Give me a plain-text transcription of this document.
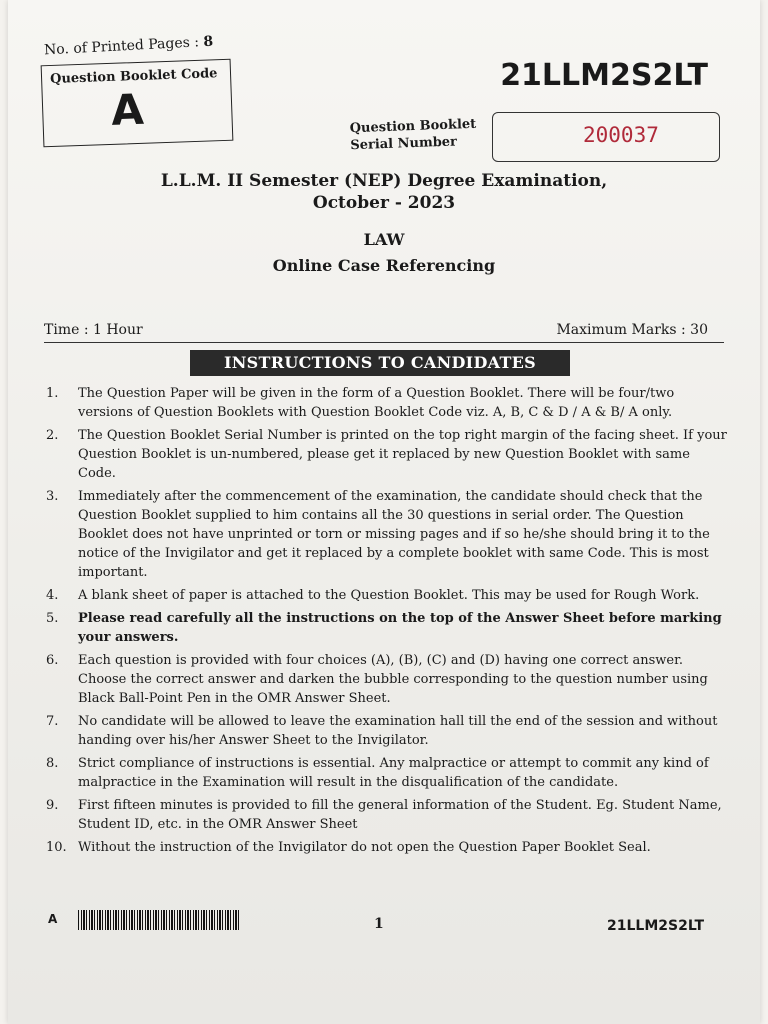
No. of Printed Pages : 8
Question Booklet Code
A
21LLM2S2LT
Question Booklet
Serial Number	200037
L.L.M. II Semester (NEP) Degree Examination,
October - 2023
LAW
Online Case Referencing
Time : 1 Hour	Maximum Marks : 30
INSTRUCTIONS TO CANDIDATES
1. The Question Paper will be given in the form of a Question Booklet. There will be four/two versions of Question Booklets with Question Booklet Code viz. A, B, C & D / A & B/ A only.
2. The Question Booklet Serial Number is printed on the top right margin of the facing sheet. If your Question Booklet is un-numbered, please get it replaced by new Question Booklet with same Code.
3. Immediately after the commencement of the examination, the candidate should check that the Question Booklet supplied to him contains all the 30 questions in serial order. The Question Booklet does not have unprinted or torn or missing pages and if so he/she should bring it to the notice of the Invigilator and get it replaced by a complete booklet with same Code. This is most important.
4. A blank sheet of paper is attached to the Question Booklet. This may be used for Rough Work.
5. Please read carefully all the instructions on the top of the Answer Sheet before marking your answers.
6. Each question is provided with four choices (A), (B), (C) and (D) having one correct answer. Choose the correct answer and darken the bubble corresponding to the question number using Black Ball-Point Pen in the OMR Answer Sheet.
7. No candidate will be allowed to leave the examination hall till the end of the session and without handing over his/her Answer Sheet to the Invigilator.
8. Strict compliance of instructions is essential. Any malpractice or attempt to commit any kind of malpractice in the Examination will result in the disqualification of the candidate.
9. First fifteen minutes is provided to fill the general information of the Student. Eg. Student Name, Student ID, etc. in the OMR Answer Sheet
10. Without the instruction of the Invigilator do not open the Question Paper Booklet Seal.
A	1	21LLM2S2LT
